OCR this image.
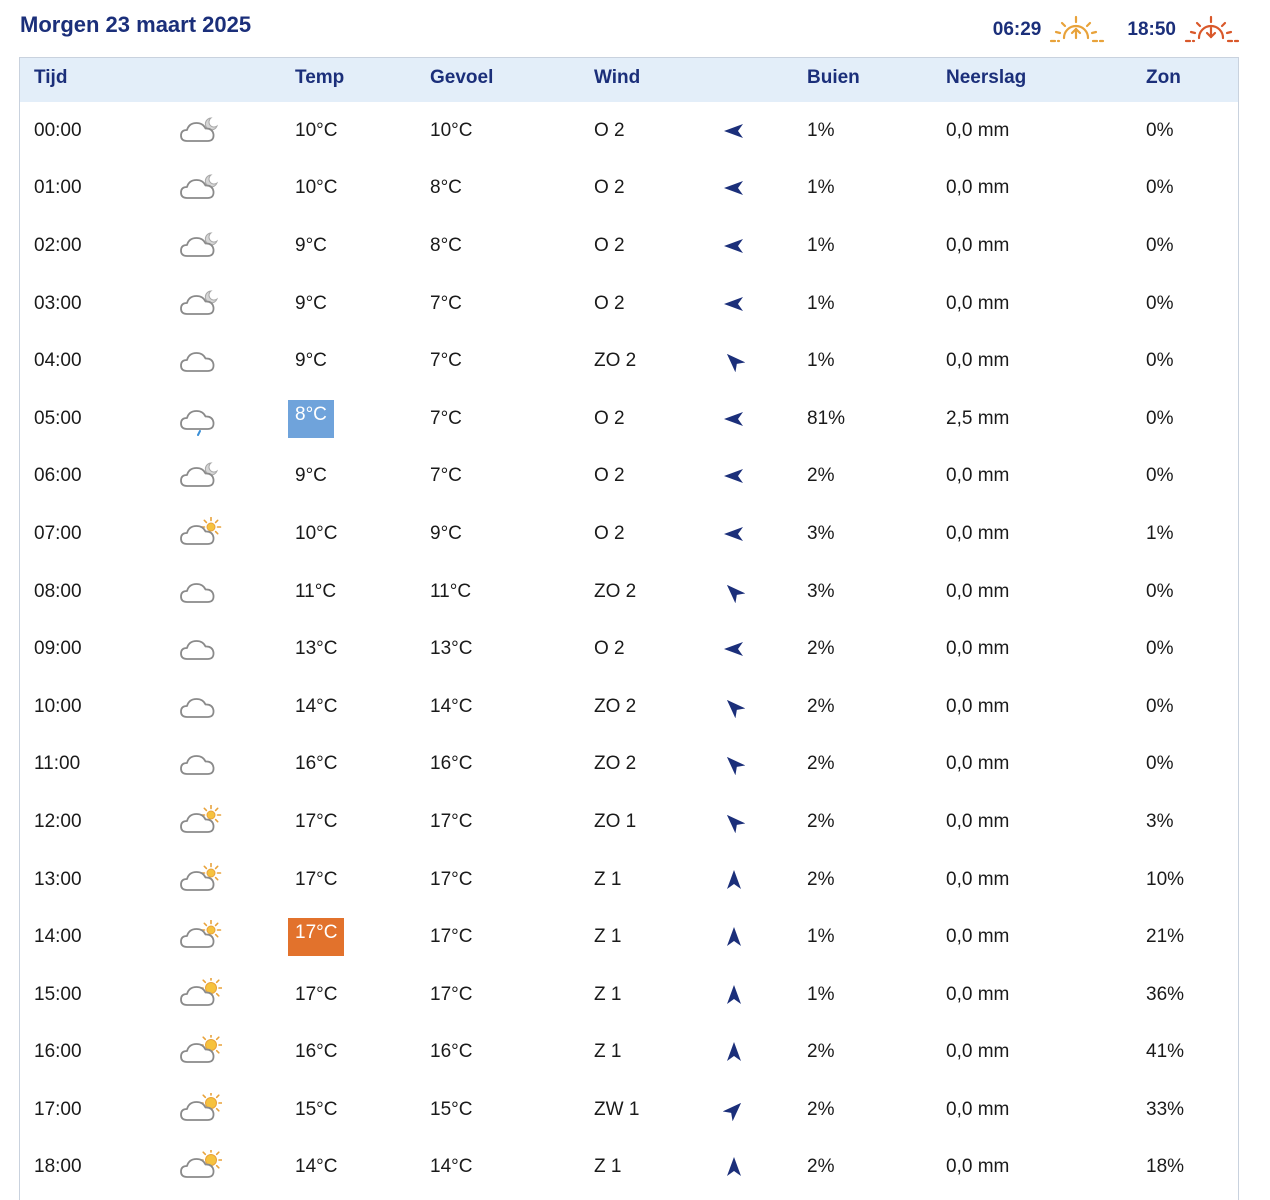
Morgen 23 maart 2025	06:29	18:50
Tijd	Temp	Gevoel	Wind	Buien	Neerslag	Zon
00:00	10°C	10°C	O 2	1%	0,0 mm	0%
01:00	10°C	8°C	O 2	1%	0,0 mm	0%
02:00	9°C	8°C	O 2	1%	0,0 mm	0%
03:00	9°C	7°C	O 2	1%	0,0 mm	0%
04:00	9°C	7°C	ZO 2	1%	0,0 mm	0%
05:00	8°C	7°C	O 2	81%	2,5 mm	0%
06:00	9°C	7°C	O 2	2%	0,0 mm	0%
07:00	10°C	9°C	O 2	3%	0,0 mm	1%
08:00	11°C	11°C	ZO 2	3%	0,0 mm	0%
09:00	13°C	13°C	O 2	2%	0,0 mm	0%
10:00	14°C	14°C	ZO 2	2%	0,0 mm	0%
11:00	16°C	16°C	ZO 2	2%	0,0 mm	0%
12:00	17°C	17°C	ZO 1	2%	0,0 mm	3%
13:00	17°C	17°C	Z 1	2%	0,0 mm	10%
14:00	17°C	17°C	Z 1	1%	0,0 mm	21%
15:00	17°C	17°C	Z 1	1%	0,0 mm	36%
16:00	16°C	16°C	Z 1	2%	0,0 mm	41%
17:00	15°C	15°C	ZW 1	2%	0,0 mm	33%
18:00	14°C	14°C	Z 1	2%	0,0 mm	18%
